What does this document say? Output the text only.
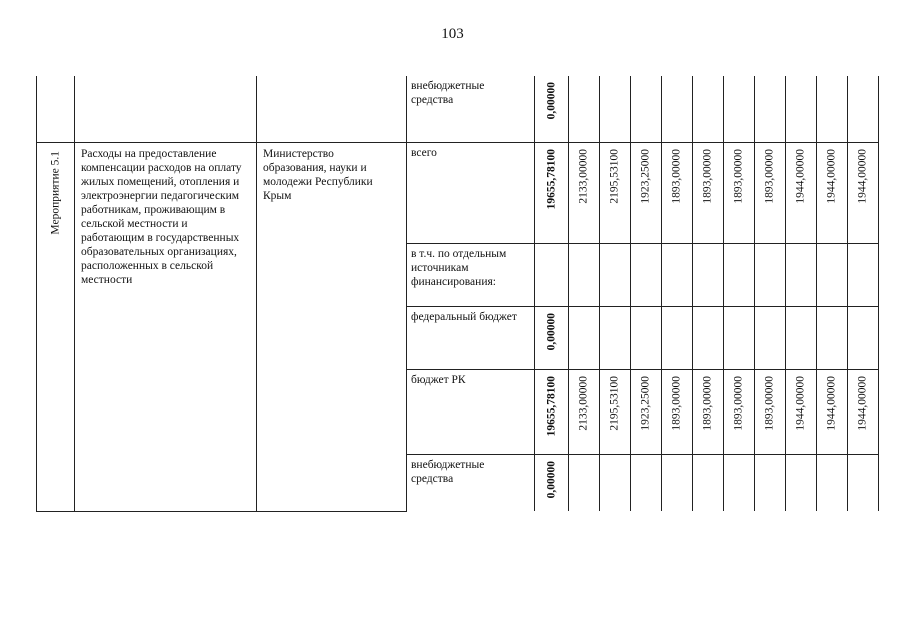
103

			внебюджетные средства	0,00000										

Мероприятие 5.1	Расходы на предоставление компенсации расходов на оплату жилых помещений, отопления и электроэнергии педагогическим работникам, проживающим в сельской местности и работающим в государственных образовательных организациях, расположенных в сельской местности	Министерство образования, науки и молодежи Республики Крым	всего	19655,78100	2133,00000	2195,53100	1923,25000	1893,00000	1893,00000	1893,00000	1893,00000	1944,00000	1944,00000	1944,00000

			в т.ч. по отдельным источникам финансирования:											

			федеральный бюджет	0,00000										

			бюджет РК	19655,78100	2133,00000	2195,53100	1923,25000	1893,00000	1893,00000	1893,00000	1893,00000	1944,00000	1944,00000	1944,00000

			внебюджетные средства	0,00000										
